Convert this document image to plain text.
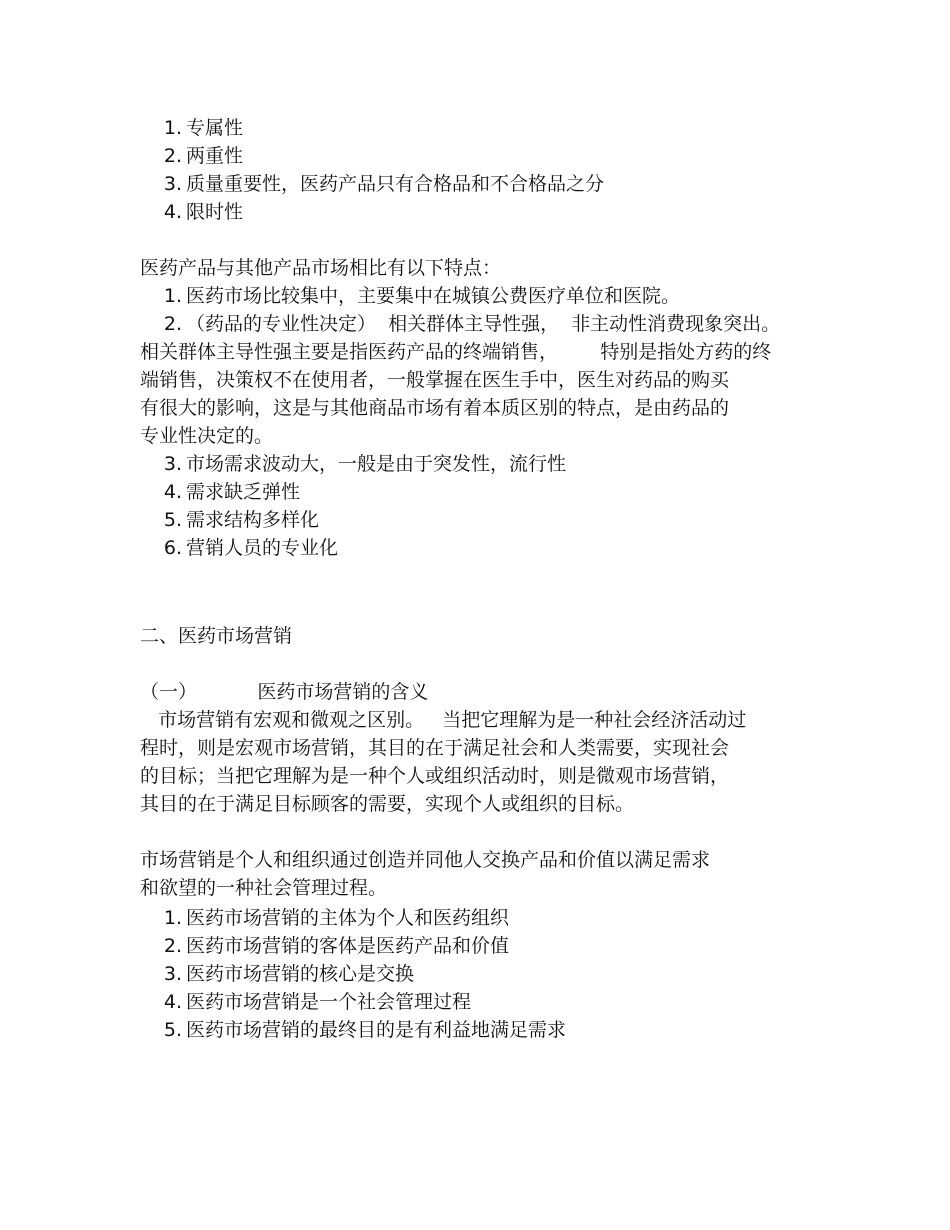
1. 专属性
2. 两重性
3. 质量重要性，医药产品只有合格品和不合格品之分
4. 限时性
医药产品与其他产品市场相比有以下特点：
1. 医药市场比较集中，主要集中在城镇公费医疗单位和医院。
2. （药品的专业性决定）  相关群体主导性强，  非主动性消费现象突出。
相关群体主导性强主要是指医药产品的终端销售，       特别是指处方药的终
端销售，决策权不在使用者，一般掌握在医生手中，医生对药品的购买
有很大的影响，这是与其他商品市场有着本质区别的特点，是由药品的
专业性决定的。
3. 市场需求波动大，一般是由于突发性，流行性
4. 需求缺乏弹性
5. 需求结构多样化
6. 营销人员的专业化
二、医药市场营销
（一）          医药市场营销的含义
市场营销有宏观和微观之区别。   当把它理解为是一种社会经济活动过
程时，则是宏观市场营销，其目的在于满足社会和人类需要，实现社会
的目标；当把它理解为是一种个人或组织活动时，则是微观市场营销，
其目的在于满足目标顾客的需要，实现个人或组织的目标。
市场营销是个人和组织通过创造并同他人交换产品和价值以满足需求
和欲望的一种社会管理过程。
1. 医药市场营销的主体为个人和医药组织
2. 医药市场营销的客体是医药产品和价值
3. 医药市场营销的核心是交换
4. 医药市场营销是一个社会管理过程
5. 医药市场营销的最终目的是有利益地满足需求
